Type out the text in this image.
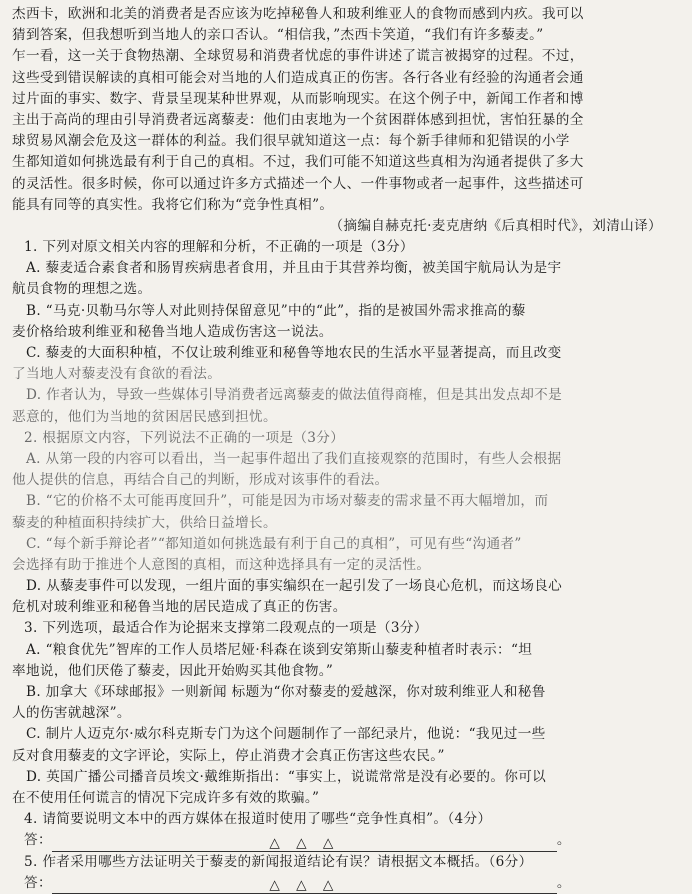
杰西卡，欧洲和北美的消费者是否应该为吃掉秘鲁人和玻利维亚人的食物而感到内疚。我可以
猜到答案，但我想听到当地人的亲口否认。“相信我，”杰西卡笑道，“我们有许多藜麦。”
乍一看，这一关于食物热潮、全球贸易和消费者忧虑的事件讲述了谎言被揭穿的过程。不过，
这些受到错误解读的真相可能会对当地的人们造成真正的伤害。各行各业有经验的沟通者会通
过片面的事实、数字、背景呈现某种世界观，从而影响现实。在这个例子中，新闻工作者和博
主出于高尚的理由引导消费者远离藜麦：他们由衷地为一个贫困群体感到担忧，害怕狂暴的全
球贸易风潮会危及这一群体的利益。我们很早就知道这一点：每个新手律师和犯错误的小学
生都知道如何挑选最有利于自己的真相。不过，我们可能不知道这些真相为沟通者提供了多大
的灵活性。很多时候，你可以通过许多方式描述一个人、一件事物或者一起事件，这些描述可
能具有同等的真实性。我将它们称为“竞争性真相”。
（摘编自赫克托·麦克唐纳《后真相时代》，刘清山译）
1. 下列对原文相关内容的理解和分析，不正确的一项是（3分）
A. 藜麦适合素食者和肠胃疾病患者食用，并且由于其营养均衡，被美国宇航局认为是宇
航员食物的理想之选。
B. “马克·贝勒马尔等人对此则持保留意见”中的“此”，指的是被国外需求推高的藜
麦价格给玻利维亚和秘鲁当地人造成伤害这一说法。
C. 藜麦的大面积种植，不仅让玻利维亚和秘鲁等地农民的生活水平显著提高，而且改变
了当地人对藜麦没有食欲的看法。
D. 作者认为，导致一些媒体引导消费者远离藜麦的做法值得商榷，但是其出发点却不是
恶意的，他们为当地的贫困居民感到担忧。
2. 根据原文内容，下列说法不正确的一项是（3分）
A. 从第一段的内容可以看出，当一起事件超出了我们直接观察的范围时，有些人会根据
他人提供的信息，再结合自己的判断，形成对该事件的看法。
B. “它的价格不太可能再度回升”，可能是因为市场对藜麦的需求量不再大幅增加，而
藜麦的种植面积持续扩大，供给日益增长。
C. “每个新手辩论者”“都知道如何挑选最有利于自己的真相”，可见有些“沟通者”
会选择有助于推进个人意图的真相，而这种选择具有一定的灵活性。
D. 从藜麦事件可以发现，一组片面的事实编织在一起引发了一场良心危机，而这场良心
危机对玻利维亚和秘鲁当地的居民造成了真正的伤害。
3. 下列选项，最适合作为论据来支撑第二段观点的一项是（3分）
A. “粮食优先”智库的工作人员塔尼娅·科森在谈到安第斯山藜麦种植者时表示：“坦
率地说，他们厌倦了藜麦，因此开始购买其他食物。”
B. 加拿大《环球邮报》一则新闻 标题为“你对藜麦的爱越深，你对玻利维亚人和秘鲁
人的伤害就越深”。
C. 制片人迈克尔·威尔科克斯专门为这个问题制作了一部纪录片，他说：“我见过一些
反对食用藜麦的文字评论，实际上，停止消费才会真正伤害这些农民。”
D. 英国广播公司播音员埃文·戴维斯指出：“事实上，说谎常常是没有必要的。你可以
在不使用任何谎言的情况下完成许多有效的欺骗。”
4. 请简要说明文本中的西方媒体在报道时使用了哪些“竞争性真相”。（4分）
答：	△ △ △	。
5. 作者采用哪些方法证明关于藜麦的新闻报道结论有误？请根据文本概括。（6分）
答：	△ △ △	。
